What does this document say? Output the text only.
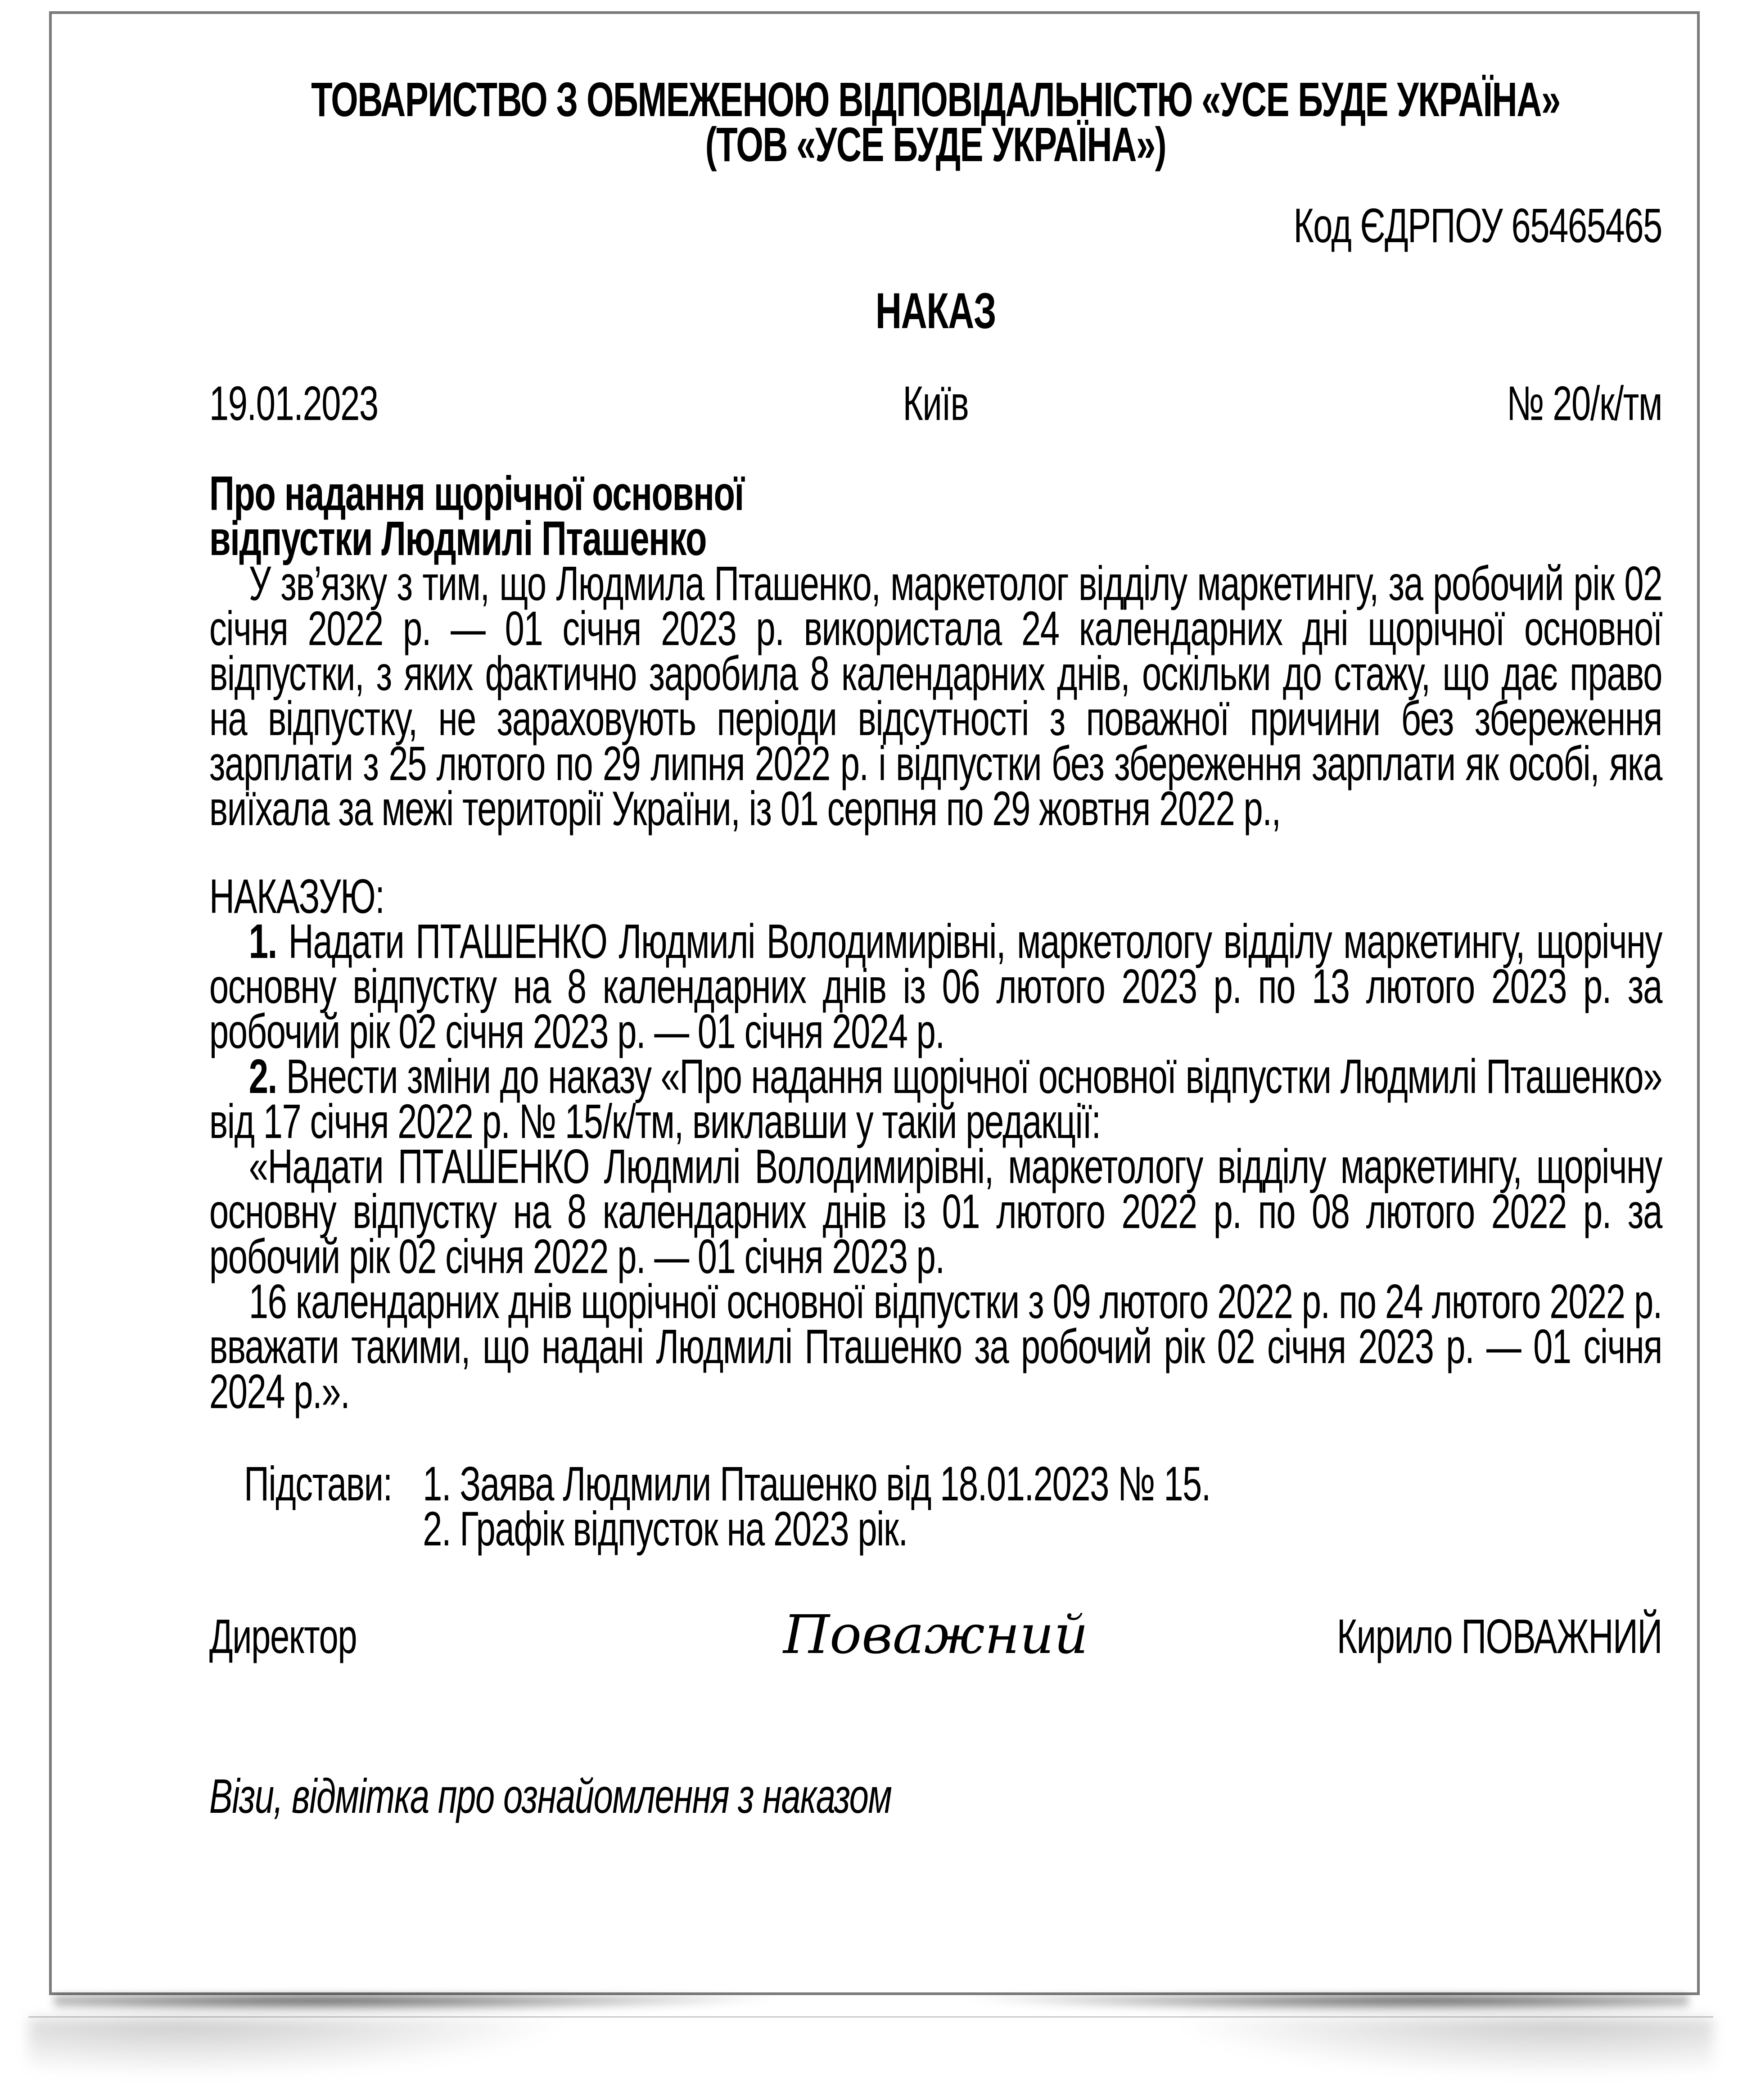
ТОВАРИСТВО З ОБМЕЖЕНОЮ ВІДПОВІДАЛЬНІСТЮ «УСЕ БУДЕ УКРАЇНА»
(ТОВ «УСЕ БУДЕ УКРАЇНА»)
Код ЄДРПОУ 65465465
НАКАЗ
19.01.2023	Київ	№ 20/к/тм
Про надання щорічної основної
відпустки Людмилі Пташенко

У зв’язку з тим, що Людмила Пташенко, маркетолог відділу маркетингу, за робочий рік 02 січня 2022 р. — 01 січня 2023 р. використала 24 календарних дні щорічної основної відпустки, з яких фактично заробила 8 календарних днів, оскільки до стажу, що дає право на відпустку, не зараховують періоди відсутності з поважної причини без збереження зарплати з 25 лютого по 29 липня 2022 р. і відпустки без збереження зарплати як особі, яка виїхала за межі території України, із 01 серпня по 29 жовтня 2022 р.,

НАКАЗУЮ:

1. Надати ПТАШЕНКО Людмилі Володимирівні, маркетологу відділу маркетингу, щорічну основну відпустку на 8 календарних днів із 06 лютого 2023 р. по 13 лютого 2023 р. за робочий рік 02 січня 2023 р. — 01 січня 2024 р.

2. Внести зміни до наказу «Про надання щорічної основної відпустки Людмилі Пташенко» від 17 січня 2022 р. № 15/к/тм, виклавши у такій редакції:

«Надати ПТАШЕНКО Людмилі Володимирівні, маркетологу відділу маркетингу, щорічну основну відпустку на 8 календарних днів із 01 лютого 2022 р. по 08 лютого 2022 р. за робочий рік 02 січня 2022 р. — 01 січня 2023 р.

16 календарних днів щорічної основної відпустки з 09 лютого 2022 р. по 24 лютого 2022 р. вважати такими, що надані Людмилі Пташенко за робочий рік 02 січня 2023 р. — 01 січня 2024 р.».

Підстави: 1. Заява Людмили Пташенко від 18.01.2023 № 15.
2. Графік відпусток на 2023 рік.
Директор	Поважний	Кирило ПОВАЖНИЙ
Візи, відмітка про ознайомлення з наказом
